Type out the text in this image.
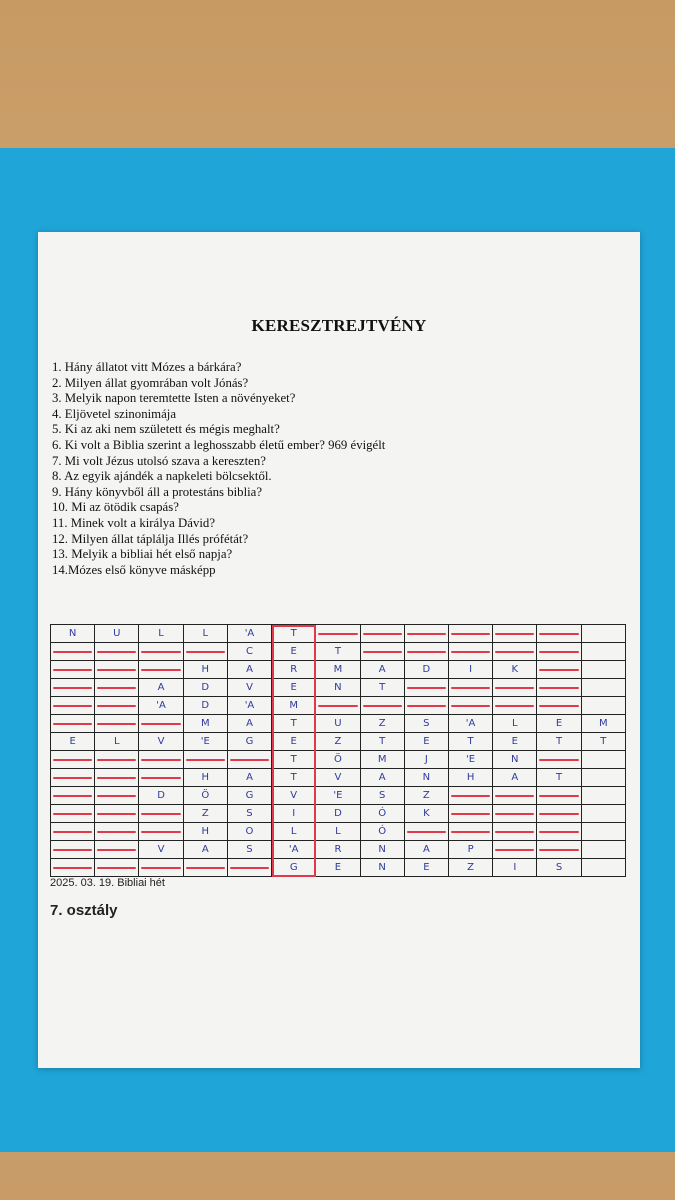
KERESZTREJTVÉNY
1. Hány állatot vitt Mózes a bárkára?
2. Milyen állat gyomrában volt Jónás?
3. Melyik napon teremtette Isten a növényeket?
4. Eljövetel szinonimája
5. Ki az aki nem született és mégis meghalt?
6. Ki volt a Biblia szerint a leghosszabb életű ember? 969 évigélt
7. Mi volt Jézus utolsó szava a kereszten?
8. Az egyik ajándék a napkeleti bölcsektől.
9. Hány könyvből áll a protestáns biblia?
10. Mi az ötödik csapás?
11. Minek volt a királya Dávid?
12. Milyen állat táplálja Illés prófétát?
13. Melyik a bibliai hét első napja?
14.Mózes első könyve másképp
N	U	L	L	'A	T							
				C	E	T						
			H	A	R	M	A	D	I	K		
		A	D	V	E	N	T					
		'A	D	'A	M							
			M	A	T	U	Z	S	'A	L	E	M
E	L	V	'E	G	E	Z	T	E	T	E	T	T
					T	Ö	M	J	'E	N		
			H	A	T	V	A	N	H	A	T	
		D	Ö	G	V	'E	S	Z				
			Z	S	I	D	Ó	K				
			H	O	L	L	Ó					
		V	A	S	'A	R	N	A	P			
					G	E	N	E	Z	I	S	
2025. 03. 19. Bibliai hét
7. osztály
